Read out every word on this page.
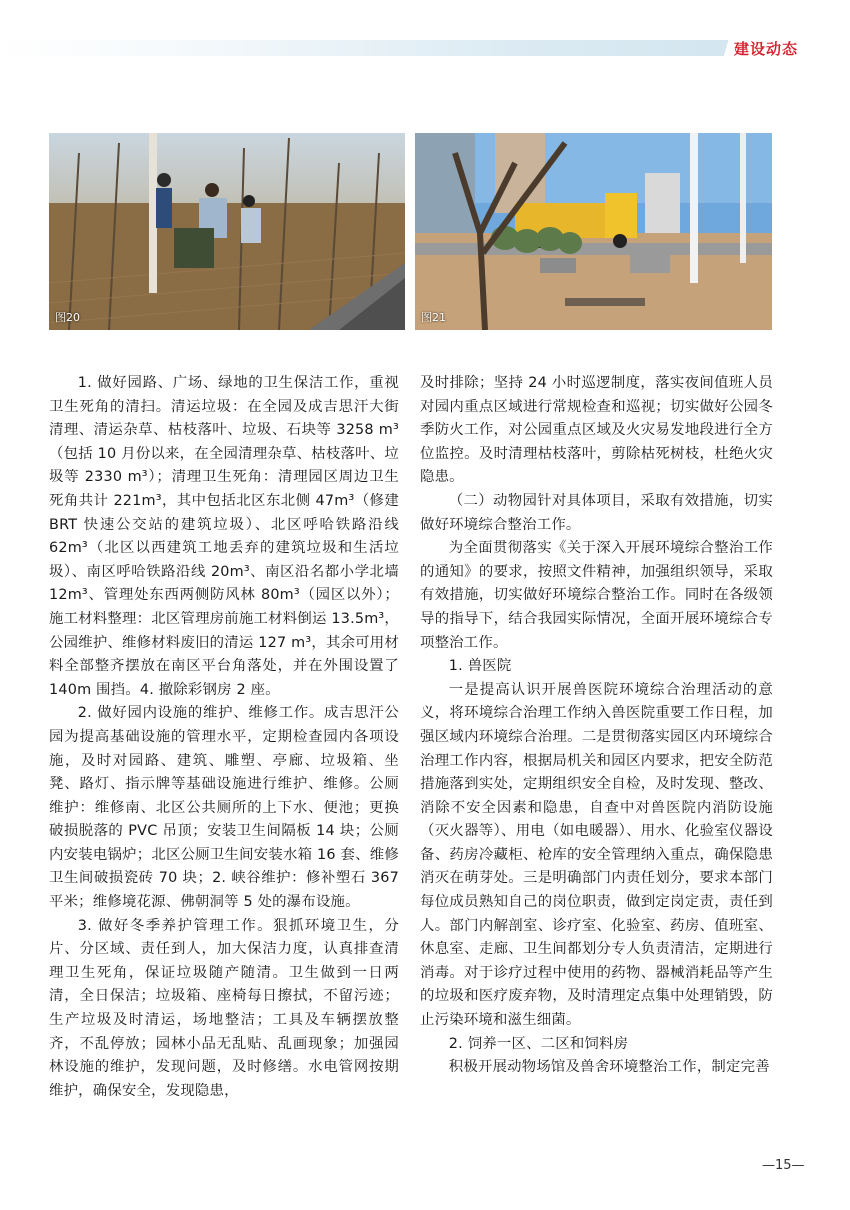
建设动态
图20	图21

1. 做好园路、广场、绿地的卫生保洁工作，重视卫生死角的清扫。清运垃圾：在全园及成吉思汗大街清理、清运杂草、枯枝落叶、垃圾、石块等 3258 m³（包括 10 月份以来，在全园清理杂草、枯枝落叶、垃圾等 2330 m³）；清理卫生死角：清理园区周边卫生死角共计 221m³，其中包括北区东北侧 47m³（修建 BRT 快速公交站的建筑垃圾）、北区呼哈铁路沿线 62m³（北区以西建筑工地丢弃的建筑垃圾和生活垃圾）、南区呼哈铁路沿线 20m³、南区沿名都小学北墙 12m³、管理处东西两侧防风林 80m³（园区以外）；施工材料整理：北区管理房前施工材料倒运 13.5m³，公园维护、维修材料废旧的清运 127 m³，其余可用材料全部整齐摆放在南区平台角落处，并在外围设置了 140m 围挡。4. 撤除彩钢房 2 座。

2. 做好园内设施的维护、维修工作。成吉思汗公园为提高基础设施的管理水平，定期检查园内各项设施，及时对园路、建筑、雕塑、亭廊、垃圾箱、坐凳、路灯、指示牌等基础设施进行维护、维修。公厕维护：维修南、北区公共厕所的上下水、便池；更换破损脱落的 PVC 吊顶；安装卫生间隔板 14 块；公厕内安装电锅炉；北区公厕卫生间安装水箱 16 套、维修卫生间破损瓷砖 70 块；2. 峡谷维护：修补塑石 367 平米；维修境花源、佛朝洞等 5 处的瀑布设施。

3. 做好冬季养护管理工作。狠抓环境卫生，分片、分区域、责任到人，加大保洁力度，认真排查清理卫生死角，保证垃圾随产随清。卫生做到一日两清，全日保洁；垃圾箱、座椅每日擦拭，不留污迹；生产垃圾及时清运，场地整洁；工具及车辆摆放整齐，不乱停放；园林小品无乱贴、乱画现象；加强园林设施的维护，发现问题，及时修缮。水电管网按期维护，确保安全，发现隐患，

及时排除；坚持 24 小时巡逻制度，落实夜间值班人员对园内重点区域进行常规检查和巡视；切实做好公园冬季防火工作，对公园重点区域及火灾易发地段进行全方位监控。及时清理枯枝落叶，剪除枯死树枝，杜绝火灾隐患。

（二）动物园针对具体项目，采取有效措施，切实做好环境综合整治工作。

为全面贯彻落实《关于深入开展环境综合整治工作的通知》的要求，按照文件精神，加强组织领导，采取有效措施，切实做好环境综合整治工作。同时在各级领导的指导下，结合我园实际情况，全面开展环境综合专项整治工作。

1. 兽医院

一是提高认识开展兽医院环境综合治理活动的意义，将环境综合治理工作纳入兽医院重要工作日程，加强区域内环境综合治理。二是贯彻落实园区内环境综合治理工作内容，根据局机关和园区内要求，把安全防范措施落到实处，定期组织安全自检，及时发现、整改、消除不安全因素和隐患，自查中对兽医院内消防设施（灭火器等）、用电（如电暖器）、用水、化验室仪器设备、药房冷藏柜、枪库的安全管理纳入重点，确保隐患消灭在萌芽处。三是明确部门内责任划分，要求本部门每位成员熟知自己的岗位职责，做到定岗定责，责任到人。部门内解剖室、诊疗室、化验室、药房、值班室、休息室、走廊、卫生间都划分专人负责清洁，定期进行消毒。对于诊疗过程中使用的药物、器械消耗品等产生的垃圾和医疗废弃物，及时清理定点集中处理销毁，防止污染环境和滋生细菌。

2. 饲养一区、二区和饲料房

积极开展动物场馆及兽舍环境整治工作，制定完善

—15—
